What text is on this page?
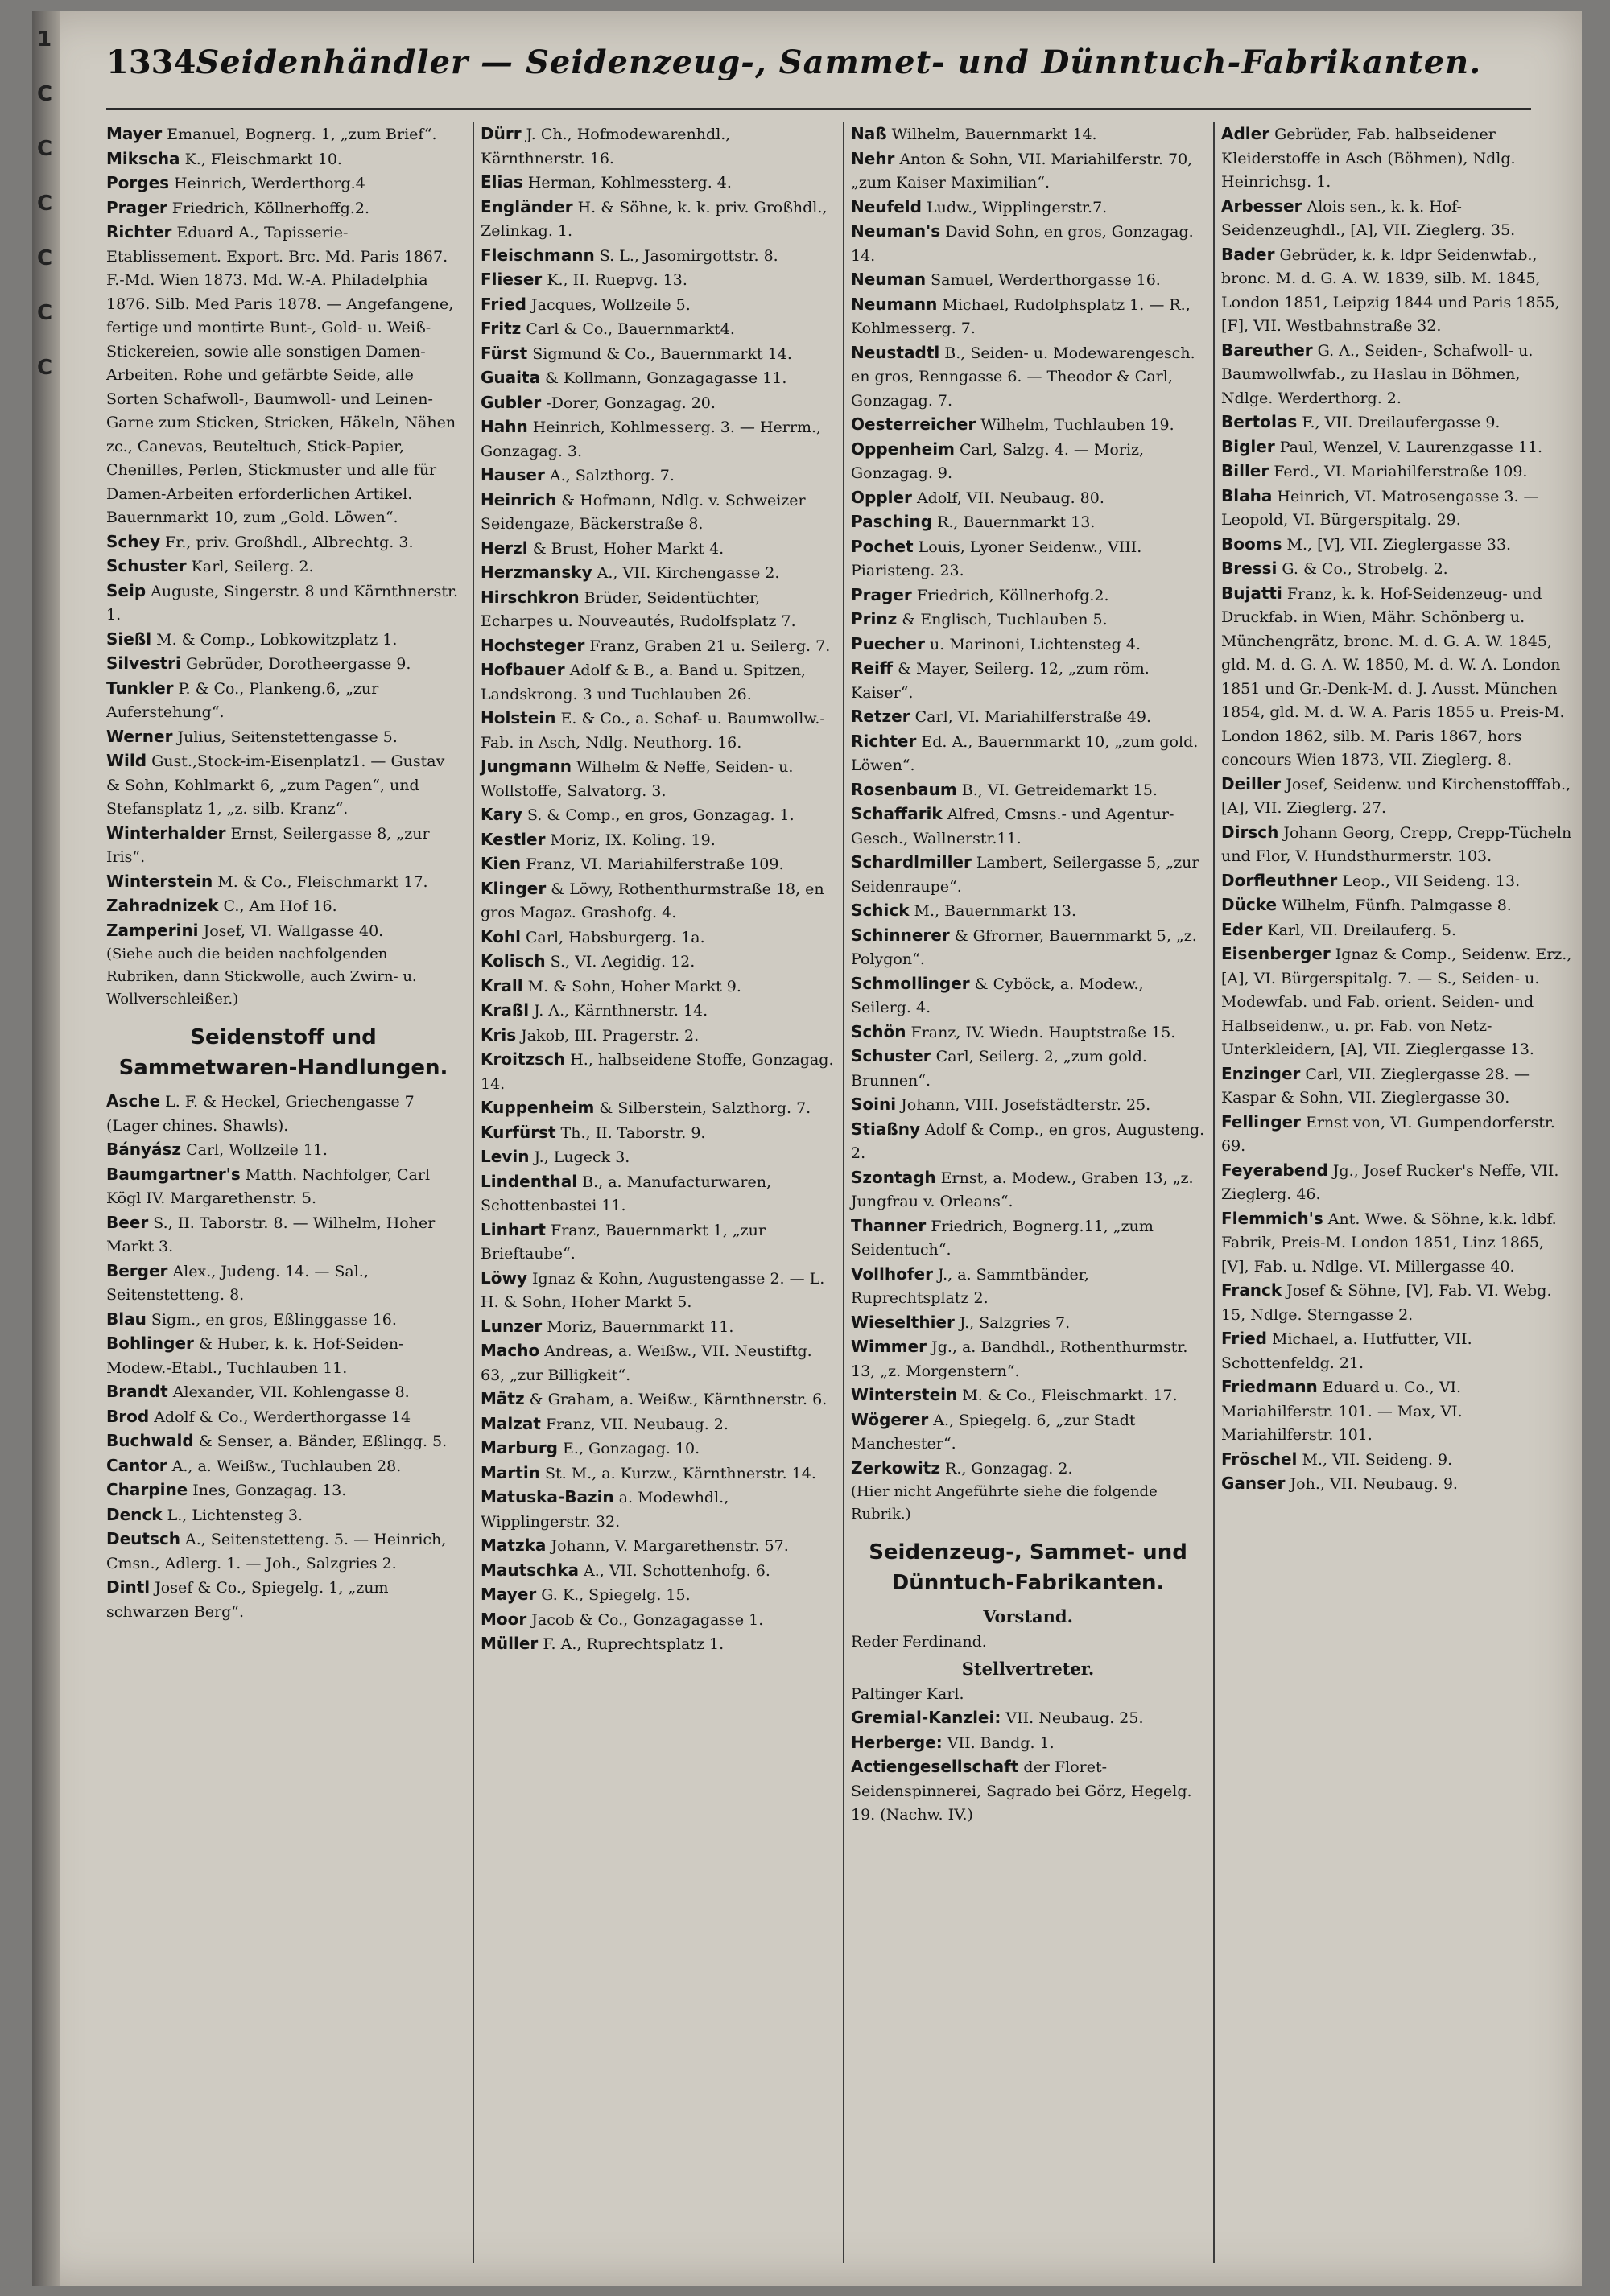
1
C
C
C
C
C
C
1334 Seidenhändler — Seidenzeug-, Sammet- und Dünntuch-Fabrikanten.
Mayer Emanuel, Bognerg. 1, „zum Brief“.
Mikscha K., Fleischmarkt 10.
Porges Heinrich, Werderthorg.4
Prager Friedrich, Köllnerhoffg.2.
Richter Eduard A., Tapisserie-Etablissement. Export. Brc. Md. Paris 1867. F.-Md. Wien 1873. Md. W.-A. Philadelphia 1876. Silb. Med Paris 1878. — Angefangene, fertige und montirte Bunt-, Gold- u. Weiß-Stickereien, sowie alle sonstigen Damen-Arbeiten. Rohe und gefärbte Seide, alle Sorten Schafwoll-, Baumwoll- und Leinen-Garne zum Sticken, Stricken, Häkeln, Nähen zc., Canevas, Beuteltuch, Stick-Papier, Chenilles, Perlen, Stickmuster und alle für Damen-Arbeiten erforderlichen Artikel. Bauernmarkt 10, zum „Gold. Löwen“.
Schey Fr., priv. Großhdl., Albrechtg. 3.
Schuster Karl, Seilerg. 2.
Seip Auguste, Singerstr. 8 und Kärnthnerstr. 1.
Sießl M. & Comp., Lobkowitzplatz 1.
Silvestri Gebrüder, Dorotheergasse 9.
Tunkler P. & Co., Plankeng.6, „zur Auferstehung“.
Werner Julius, Seitenstettengasse 5.
Wild Gust.,Stock-im-Eisenplatz1. — Gustav & Sohn, Kohlmarkt 6, „zum Pagen“, und Stefansplatz 1, „z. silb. Kranz“.
Winterhalder Ernst, Seilergasse 8, „zur Iris“.
Winterstein M. & Co., Fleischmarkt 17.
Zahradnizek C., Am Hof 16.
Zamperini Josef, VI. Wallgasse 40.
(Siehe auch die beiden nachfolgenden Rubriken, dann Stickwolle, auch Zwirn- u. Wollverschleißer.)
Seidenstoff und Sammetwaren-Handlungen.
Asche L. F. & Heckel, Griechengasse 7 (Lager chines. Shawls).
Bányász Carl, Wollzeile 11.
Baumgartner's Matth. Nachfolger, Carl Kögl IV. Margarethenstr. 5.
Beer S., II. Taborstr. 8. — Wilhelm, Hoher Markt 3.
Berger Alex., Judeng. 14. — Sal., Seitenstetteng. 8.
Blau Sigm., en gros, Eßlinggasse 16.
Bohlinger & Huber, k. k. Hof-Seiden-Modew.-Etabl., Tuchlauben 11.
Brandt Alexander, VII. Kohlengasse 8.
Brod Adolf & Co., Werderthorgasse 14
Buchwald & Senser, a. Bänder, Eßlingg. 5.
Cantor A., a. Weißw., Tuchlauben 28.
Charpine Ines, Gonzagag. 13.
Denck L., Lichtensteg 3.
Deutsch A., Seitenstetteng. 5. — Heinrich, Cmsn., Adlerg. 1. — Joh., Salzgries 2.
Dintl Josef & Co., Spiegelg. 1, „zum schwarzen Berg“.
Dürr J. Ch., Hofmodewarenhdl., Kärnthnerstr. 16.
Elias Herman, Kohlmessterg. 4.
Engländer H. & Söhne, k. k. priv. Großhdl., Zelinkag. 1.
Fleischmann S. L., Jasomirgottstr. 8.
Flieser K., II. Ruepvg. 13.
Fried Jacques, Wollzeile 5.
Fritz Carl & Co., Bauernmarkt4.
Fürst Sigmund & Co., Bauernmarkt 14.
Guaita & Kollmann, Gonzagagasse 11.
Gubler -Dorer, Gonzagag. 20.
Hahn Heinrich, Kohlmesserg. 3. — Herrm., Gonzagag. 3.
Hauser A., Salzthorg. 7.
Heinrich & Hofmann, Ndlg. v. Schweizer Seidengaze, Bäckerstraße 8.
Herzl & Brust, Hoher Markt 4.
Herzmansky A., VII. Kirchengasse 2.
Hirschkron Brüder, Seidentüchter, Echarpes u. Nouveautés, Rudolfsplatz 7.
Hochsteger Franz, Graben 21 u. Seilerg. 7.
Hofbauer Adolf & B., a. Band u. Spitzen, Landskrong. 3 und Tuchlauben 26.
Holstein E. & Co., a. Schaf- u. Baumwollw.-Fab. in Asch, Ndlg. Neuthorg. 16.
Jungmann Wilhelm & Neffe, Seiden- u. Wollstoffe, Salvatorg. 3.
Kary S. & Comp., en gros, Gonzagag. 1.
Kestler Moriz, IX. Koling. 19.
Kien Franz, VI. Mariahilferstraße 109.
Klinger & Löwy, Rothenthurmstraße 18, en gros Magaz. Grashofg. 4.
Kohl Carl, Habsburgerg. 1a.
Kolisch S., VI. Aegidig. 12.
Krall M. & Sohn, Hoher Markt 9.
Kraßl J. A., Kärnthnerstr. 14.
Kris Jakob, III. Pragerstr. 2.
Kroitzsch H., halbseidene Stoffe, Gonzagag. 14.
Kuppenheim & Silberstein, Salzthorg. 7.
Kurfürst Th., II. Taborstr. 9.
Levin J., Lugeck 3.
Lindenthal B., a. Manufacturwaren, Schottenbastei 11.
Linhart Franz, Bauernmarkt 1, „zur Brieftaube“.
Löwy Ignaz & Kohn, Augustengasse 2. — L. H. & Sohn, Hoher Markt 5.
Lunzer Moriz, Bauernmarkt 11.
Macho Andreas, a. Weißw., VII. Neustiftg. 63, „zur Billigkeit“.
Mätz & Graham, a. Weißw., Kärnthnerstr. 6.
Malzat Franz, VII. Neubaug. 2.
Marburg E., Gonzagag. 10.
Martin St. M., a. Kurzw., Kärnthnerstr. 14.
Matuska-Bazin a. Modewhdl., Wipplingerstr. 32.
Matzka Johann, V. Margarethenstr. 57.
Mautschka A., VII. Schottenhofg. 6.
Mayer G. K., Spiegelg. 15.
Moor Jacob & Co., Gonzagagasse 1.
Müller F. A., Ruprechtsplatz 1.
Naß Wilhelm, Bauernmarkt 14.
Nehr Anton & Sohn, VII. Mariahilferstr. 70, „zum Kaiser Maximilian“.
Neufeld Ludw., Wipplingerstr.7.
Neuman's David Sohn, en gros, Gonzagag. 14.
Neuman Samuel, Werderthorgasse 16.
Neumann Michael, Rudolphsplatz 1. — R., Kohlmesserg. 7.
Neustadtl B., Seiden- u. Modewarengesch. en gros, Renngasse 6. — Theodor & Carl, Gonzagag. 7.
Oesterreicher Wilhelm, Tuchlauben 19.
Oppenheim Carl, Salzg. 4. — Moriz, Gonzagag. 9.
Oppler Adolf, VII. Neubaug. 80.
Pasching R., Bauernmarkt 13.
Pochet Louis, Lyoner Seidenw., VIII. Piaristeng. 23.
Prager Friedrich, Köllnerhofg.2.
Prinz & Englisch, Tuchlauben 5.
Puecher u. Marinoni, Lichtensteg 4.
Reiff & Mayer, Seilerg. 12, „zum röm. Kaiser“.
Retzer Carl, VI. Mariahilferstraße 49.
Richter Ed. A., Bauernmarkt 10, „zum gold. Löwen“.
Rosenbaum B., VI. Getreidemarkt 15.
Schaffarik Alfred, Cmsns.- und Agentur-Gesch., Wallnerstr.11.
Schardlmiller Lambert, Seilergasse 5, „zur Seidenraupe“.
Schick M., Bauernmarkt 13.
Schinnerer & Gfrorner, Bauernmarkt 5, „z. Polygon“.
Schmollinger & Cyböck, a. Modew., Seilerg. 4.
Schön Franz, IV. Wiedn. Hauptstraße 15.
Schuster Carl, Seilerg. 2, „zum gold. Brunnen“.
Soini Johann, VIII. Josefstädterstr. 25.
Stiaßny Adolf & Comp., en gros, Augusteng. 2.
Szontagh Ernst, a. Modew., Graben 13, „z. Jungfrau v. Orleans“.
Thanner Friedrich, Bognerg.11, „zum Seidentuch“.
Vollhofer J., a. Sammtbänder, Ruprechtsplatz 2.
Wieselthier J., Salzgries 7.
Wimmer Jg., a. Bandhdl., Rothenthurmstr. 13, „z. Morgenstern“.
Winterstein M. & Co., Fleischmarkt. 17.
Wögerer A., Spiegelg. 6, „zur Stadt Manchester“.
Zerkowitz R., Gonzagag. 2.
(Hier nicht Angeführte siehe die folgende Rubrik.)
Seidenzeug-, Sammet- und Dünntuch-Fabrikanten.
Vorstand.
Reder Ferdinand.
Stellvertreter.
Paltinger Karl.
Gremial-Kanzlei: VII. Neubaug. 25.
Herberge: VII. Bandg. 1.
Actiengesellschaft der Floret-Seidenspinnerei, Sagrado bei Görz, Hegelg. 19. (Nachw. IV.)
Adler Gebrüder, Fab. halbseidener Kleiderstoffe in Asch (Böhmen), Ndlg. Heinrichsg. 1.
Arbesser Alois sen., k. k. Hof-Seidenzeughdl., [A], VII. Zieglerg. 35.
Bader Gebrüder, k. k. ldpr Seidenwfab., bronc. M. d. G. A. W. 1839, silb. M. 1845, London 1851, Leipzig 1844 und Paris 1855, [F], VII. Westbahnstraße 32.
Bareuther G. A., Seiden-, Schafwoll- u. Baumwollwfab., zu Haslau in Böhmen, Ndlge. Werderthorg. 2.
Bertolas F., VII. Dreilaufergasse 9.
Bigler Paul, Wenzel, V. Laurenzgasse 11.
Biller Ferd., VI. Mariahilferstraße 109.
Blaha Heinrich, VI. Matrosengasse 3. — Leopold, VI. Bürgerspitalg. 29.
Booms M., [V], VII. Zieglergasse 33.
Bressi G. & Co., Strobelg. 2.
Bujatti Franz, k. k. Hof-Seidenzeug- und Druckfab. in Wien, Mähr. Schönberg u. Münchengrätz, bronc. M. d. G. A. W. 1845, gld. M. d. G. A. W. 1850, M. d. W. A. London 1851 und Gr.-Denk-M. d. J. Ausst. München 1854, gld. M. d. W. A. Paris 1855 u. Preis-M. London 1862, silb. M. Paris 1867, hors concours Wien 1873, VII. Zieglerg. 8.
Deiller Josef, Seidenw. und Kirchenstofffab., [A], VII. Zieglerg. 27.
Dirsch Johann Georg, Crepp, Crepp-Tücheln und Flor, V. Hundsthurmerstr. 103.
Dorfleuthner Leop., VII Seideng. 13.
Dücke Wilhelm, Fünfh. Palmgasse 8.
Eder Karl, VII. Dreilauferg. 5.
Eisenberger Ignaz & Comp., Seidenw. Erz., [A], VI. Bürgerspitalg. 7. — S., Seiden- u. Modewfab. und Fab. orient. Seiden- und Halbseidenw., u. pr. Fab. von Netz-Unterkleidern, [A], VII. Zieglergasse 13.
Enzinger Carl, VII. Zieglergasse 28. — Kaspar & Sohn, VII. Zieglergasse 30.
Fellinger Ernst von, VI. Gumpendorferstr. 69.
Feyerabend Jg., Josef Rucker's Neffe, VII. Zieglerg. 46.
Flemmich's Ant. Wwe. & Söhne, k.k. ldbf. Fabrik, Preis-M. London 1851, Linz 1865, [V], Fab. u. Ndlge. VI. Millergasse 40.
Franck Josef & Söhne, [V], Fab. VI. Webg. 15, Ndlge. Sterngasse 2.
Fried Michael, a. Hutfutter, VII. Schottenfeldg. 21.
Friedmann Eduard u. Co., VI. Mariahilferstr. 101. — Max, VI. Mariahilferstr. 101.
Fröschel M., VII. Seideng. 9.
Ganser Joh., VII. Neubaug. 9.
